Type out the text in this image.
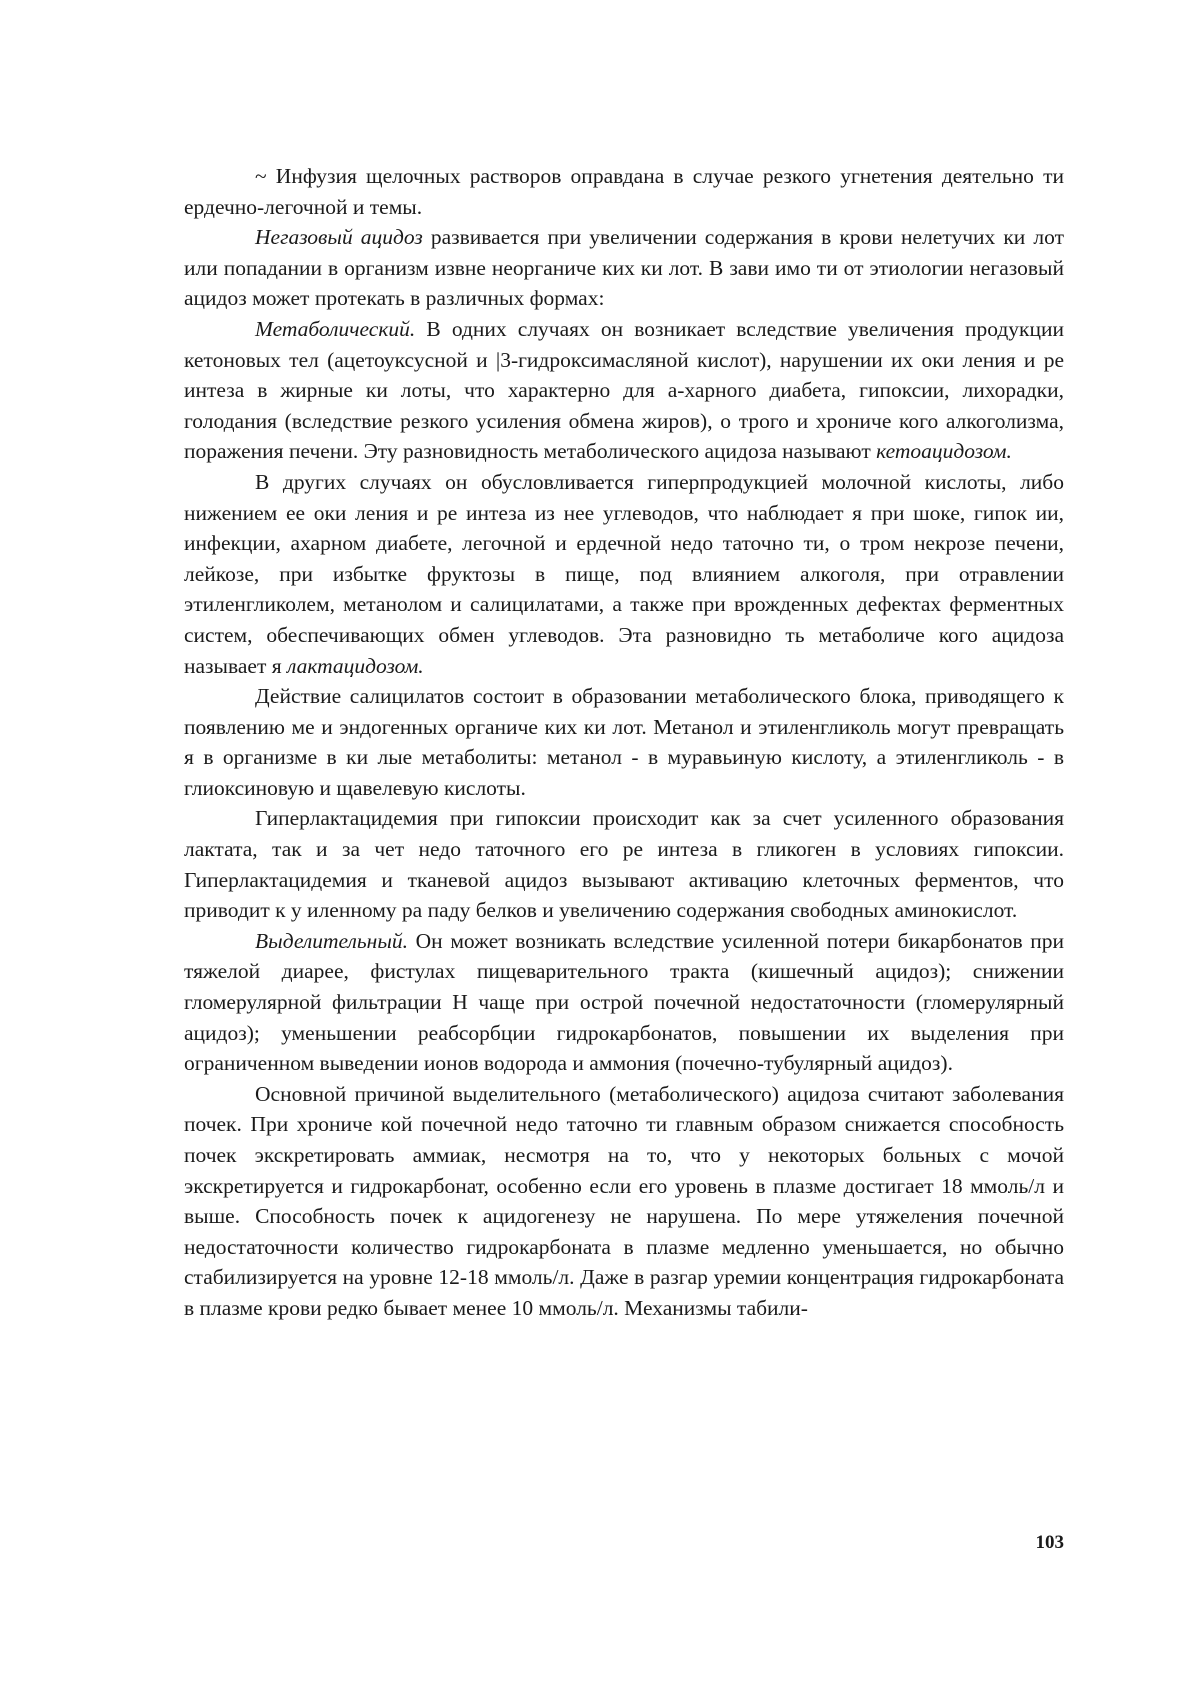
~ Инфузия щелочных растворов оправдана в случае резкого угнетения деятельно ти ердечно-легочной и темы.

Негазовый ацидоз развивается при увеличении содержания в крови нелетучих ки лот или попадании в организм извне неорганиче ких ки лот. В зави имо ти от этиологии негазовый ацидоз может протекать в различных формах:

Метаболический. В одних случаях он возникает вследствие увеличения продукции кетоновых тел (ацетоуксусной и |3-гидроксимасляной кислот), нарушении их оки ления и ре интеза в жирные ки лоты, что характерно для а-харного диабета, гипоксии, лихорадки, голодания (вследствие резкого усиления обмена жиров), о трого и хрониче кого алкоголизма, поражения печени. Эту разновидность метаболического ацидоза называют кетоацидозом.

В других случаях он обусловливается гиперпродукцией молочной кислоты, либо нижением ее оки ления и ре интеза из нее углеводов, что наблюдает я при шоке, гипок ии, инфекции, ахарном диабете, легочной и ердечной недо таточно ти, о тром некрозе печени, лейкозе, при избытке фруктозы в пище, под влиянием алкоголя, при отравлении этиленгликолем, метанолом и салицилатами, а также при врожденных дефектах ферментных систем, обеспечивающих обмен углеводов. Эта разновидно ть метаболиче кого ацидоза называет я лактацидозом.

Действие салицилатов состоит в образовании метаболического блока, приводящего к появлению ме и эндогенных органиче ких ки лот. Метанол и этиленгликоль могут превращать я в организме в ки лые метаболиты: метанол - в муравьиную кислоту, а этиленгликоль - в глиоксиновую и щавелевую кислоты.

Гиперлактацидемия при гипоксии происходит как за счет усиленного образования лактата, так и за чет недо таточного его ре интеза в гликоген в условиях гипоксии. Гиперлактацидемия и тканевой ацидоз вызывают активацию клеточных ферментов, что приводит к у иленному ра паду белков и увеличению содержания свободных аминокислот.

Выделительный. Он может возникать вследствие усиленной потери бикарбонатов при тяжелой диарее, фистулах пищеварительного тракта (кишечный ацидоз); снижении гломерулярной фильтрации Н чаще при острой почечной недостаточности (гломерулярный ацидоз); уменьшении реабсорбции гидрокарбонатов, повышении их выделения при ограниченном выведении ионов водорода и аммония (почечно-тубулярный ацидоз).

Основной причиной выделительного (метаболического) ацидоза считают заболевания почек. При хрониче кой почечной недо таточно ти главным образом снижается способность почек экскретировать аммиак, несмотря на то, что у некоторых больных с мочой экскретируется и гидрокарбонат, особенно если его уровень в плазме достигает 18 ммоль/л и выше. Способность почек к ацидогенезу не нарушена. По мере утяжеления почечной недостаточности количество гидрокарбоната в плазме медленно уменьшается, но обычно стабилизируется на уровне 12-18 ммоль/л. Даже в разгар уремии концентрация гидрокарбоната в плазме крови редко бывает менее 10 ммоль/л. Механизмы табили-

103
